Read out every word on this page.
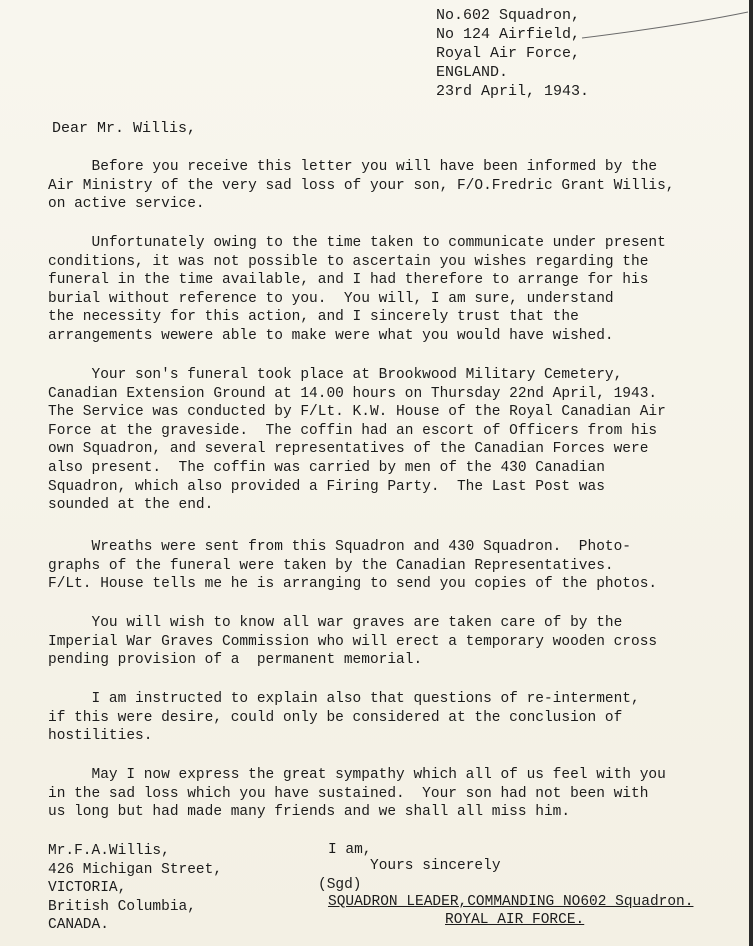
No.602 Squadron,
No 124 Airfield,
Royal Air Force,
ENGLAND.
23rd April, 1943.
Dear Mr. Willis,
Before you receive this letter you will have been informed by the
Air Ministry of the very sad loss of your son, F/O.Fredric Grant Willis,
on active service.
Unfortunately owing to the time taken to communicate under present
conditions, it was not possible to ascertain you wishes regarding the
funeral in the time available, and I had therefore to arrange for his
burial without reference to you.  You will, I am sure, understand
the necessity for this action, and I sincerely trust that the
arrangements wewere able to make were what you would have wished.
Your son's funeral took place at Brookwood Military Cemetery,
Canadian Extension Ground at 14.00 hours on Thursday 22nd April, 1943.
The Service was conducted by F/Lt. K.W. House of the Royal Canadian Air
Force at the graveside.  The coffin had an escort of Officers from his
own Squadron, and several representatives of the Canadian Forces were
also present.  The coffin was carried by men of the 430 Canadian
Squadron, which also provided a Firing Party.  The Last Post was
sounded at the end.
Wreaths were sent from this Squadron and 430 Squadron.  Photo-
graphs of the funeral were taken by the Canadian Representatives.
F/Lt. House tells me he is arranging to send you copies of the photos.
You will wish to know all war graves are taken care of by the
Imperial War Graves Commission who will erect a temporary wooden cross
pending provision of a  permanent memorial.
I am instructed to explain also that questions of re-interment,
if this were desire, could only be considered at the conclusion of
hostilities.
May I now express the great sympathy which all of us feel with you
in the sad loss which you have sustained.  Your son had not been with
us long but had made many friends and we shall all miss him.
Mr.F.A.Willis,
426 Michigan Street,
VICTORIA,
British Columbia,
CANADA.
I am,
Yours sincerely
(Sgd)
SQUADRON LEADER,COMMANDING NO602 Squadron.
ROYAL AIR FORCE.
